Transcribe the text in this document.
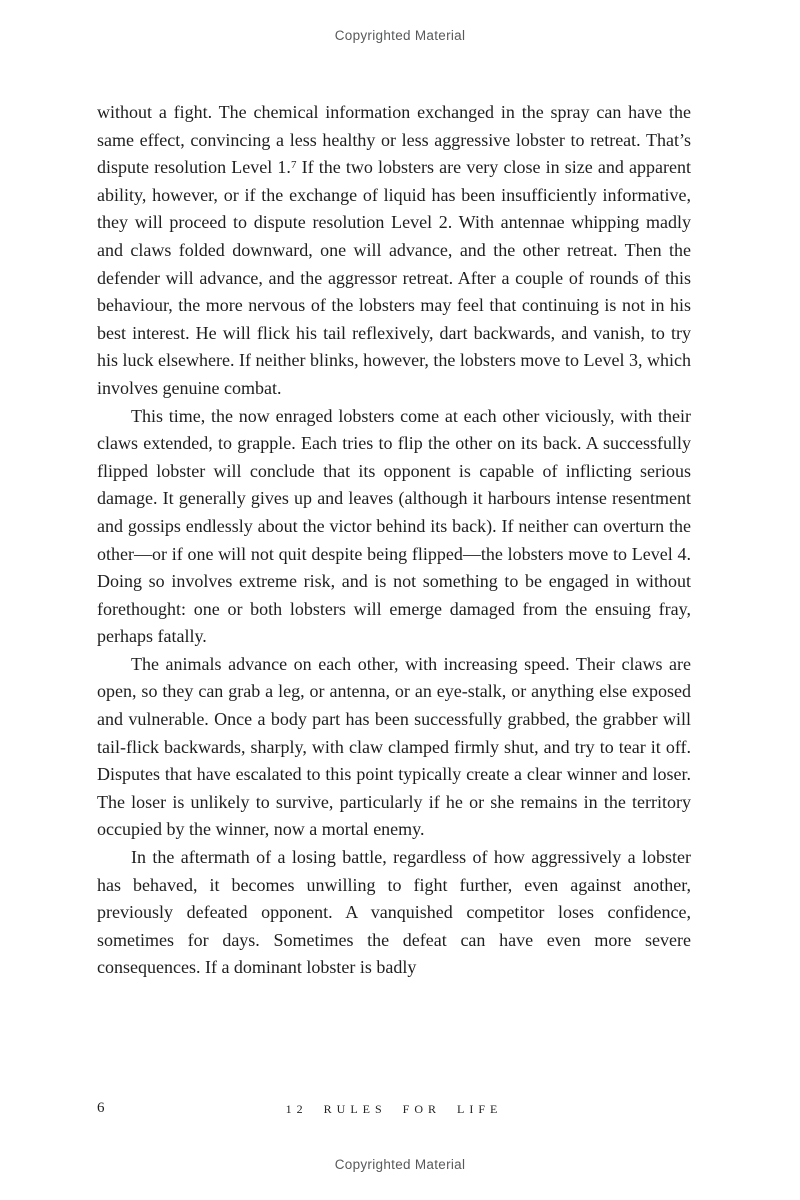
Copyrighted Material

without a fight. The chemical information exchanged in the spray can have the same effect, convincing a less healthy or less aggressive lobster to retreat. That’s dispute resolution Level 1.$^7$ If the two lobsters are very close in size and apparent ability, however, or if the exchange of liquid has been insufficiently informative, they will proceed to dispute resolution Level 2. With antennae whipping madly and claws folded downward, one will advance, and the other retreat. Then the defender will advance, and the aggressor retreat. After a couple of rounds of this behaviour, the more nervous of the lobsters may feel that continuing is not in his best interest. He will flick his tail reflexively, dart backwards, and vanish, to try his luck elsewhere. If neither blinks, however, the lobsters move to Level 3, which involves genuine combat.

This time, the now enraged lobsters come at each other viciously, with their claws extended, to grapple. Each tries to flip the other on its back. A successfully flipped lobster will conclude that its opponent is capable of inflicting serious damage. It generally gives up and leaves (although it harbours intense resentment and gossips endlessly about the victor behind its back). If neither can overturn the other—or if one will not quit despite being flipped—the lobsters move to Level 4. Doing so involves extreme risk, and is not something to be engaged in without forethought: one or both lobsters will emerge damaged from the ensuing fray, perhaps fatally.

The animals advance on each other, with increasing speed. Their claws are open, so they can grab a leg, or antenna, or an eye-stalk, or anything else exposed and vulnerable. Once a body part has been successfully grabbed, the grabber will tail-flick backwards, sharply, with claw clamped firmly shut, and try to tear it off. Disputes that have escalated to this point typically create a clear winner and loser. The loser is unlikely to survive, particularly if he or she remains in the territory occupied by the winner, now a mortal enemy.

In the aftermath of a losing battle, regardless of how aggressively a lobster has behaved, it becomes unwilling to fight further, even against another, previously defeated opponent. A vanquished competitor loses confidence, sometimes for days. Sometimes the defeat can have even more severe consequences. If a dominant lobster is badly

6	12 RULES FOR LIFE
Copyrighted Material
